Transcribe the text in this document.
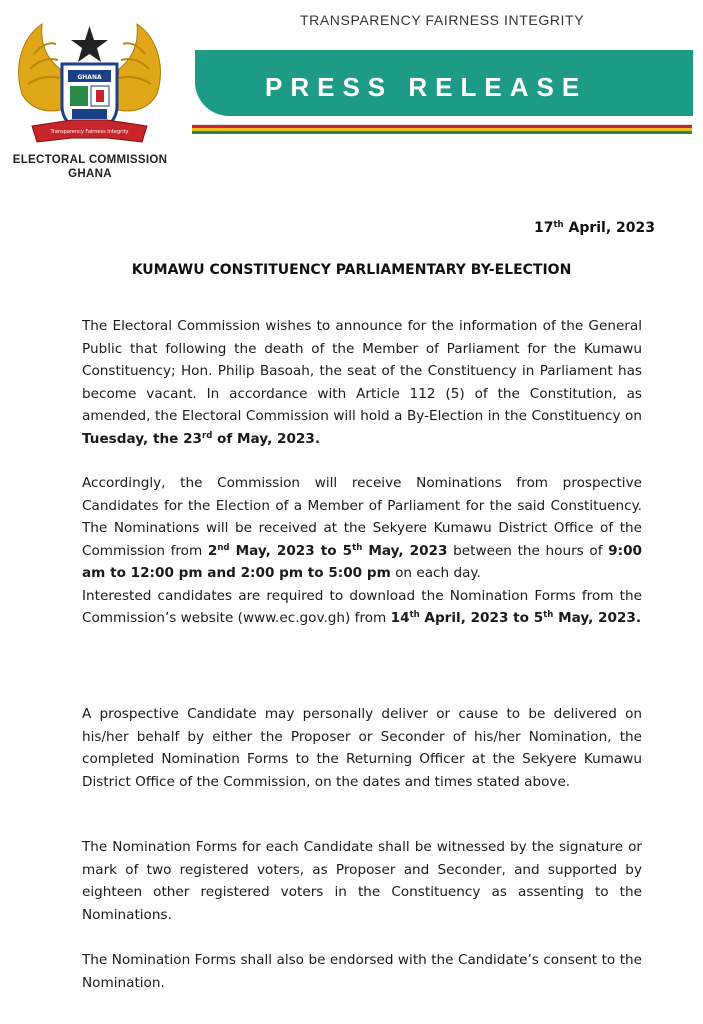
GHANA
Transparency Fairness Integrity
ELECTORAL COMMISSION
GHANA
TRANSPARENCY FAIRNESS INTEGRITY
PRESS RELEASE
17th April, 2023
KUMAWU CONSTITUENCY PARLIAMENTARY BY-ELECTION
The Electoral Commission wishes to announce for the information of the General Public that following the death of the Member of Parliament for the Kumawu Constituency; Hon. Philip Basoah, the seat of the Constituency in Parliament has become vacant. In accordance with Article 112 (5) of the Constitution, as amended, the Electoral Commission will hold a By-Election in the Constituency on Tuesday, the 23rd of May, 2023.
Accordingly, the Commission will receive Nominations from prospective Candidates for the Election of a Member of Parliament for the said Constituency. The Nominations will be received at the Sekyere Kumawu District Office of the Commission from 2nd May, 2023 to 5th May, 2023 between the hours of 9:00 am to 12:00 pm and 2:00 pm to 5:00 pm on each day.
Interested candidates are required to download the Nomination Forms from the Commission’s website (www.ec.gov.gh) from 14th April, 2023 to 5th May, 2023.
A prospective Candidate may personally deliver or cause to be delivered on his/her behalf by either the Proposer or Seconder of his/her Nomination, the completed Nomination Forms to the Returning Officer at the Sekyere Kumawu District Office of the Commission, on the dates and times stated above.
The Nomination Forms for each Candidate shall be witnessed by the signature or mark of two registered voters, as Proposer and Seconder, and supported by eighteen other registered voters in the Constituency as assenting to the Nominations.
The Nomination Forms shall also be endorsed with the Candidate’s consent to the Nomination.
